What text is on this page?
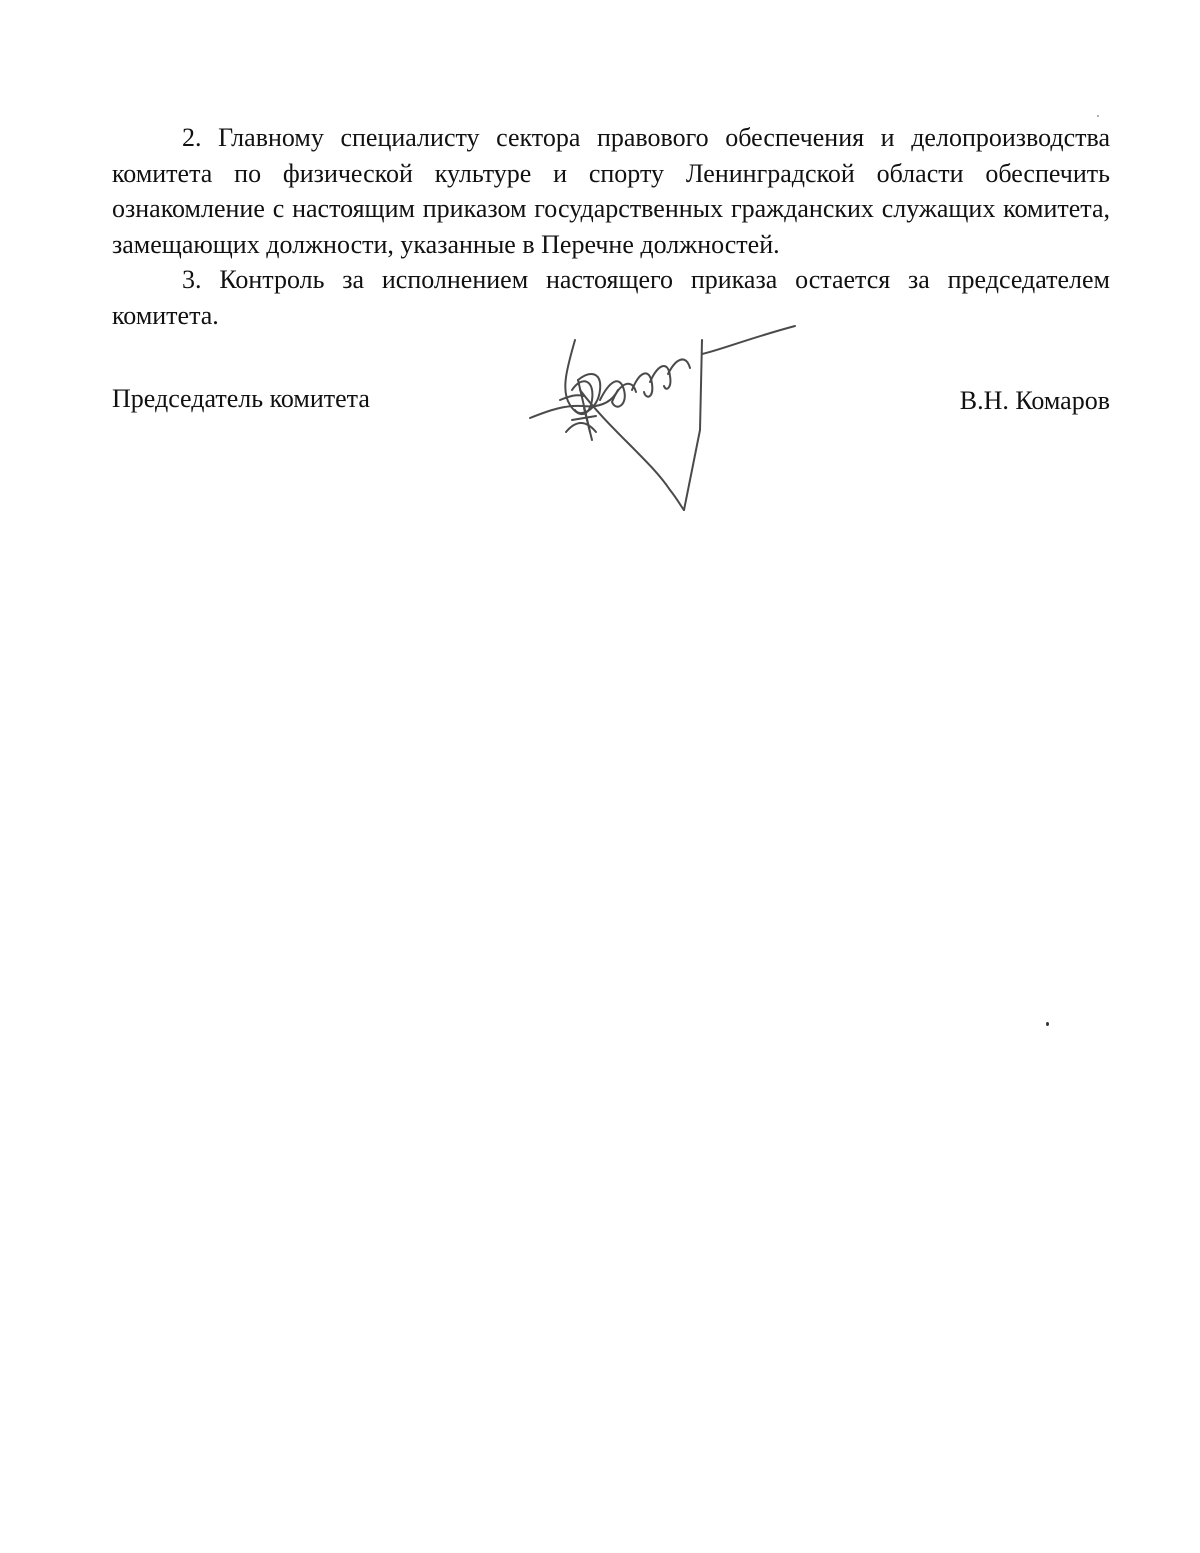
2. Главному специалисту сектора правового обеспечения и делопроизводства комитета по физической культуре и спорту Ленинградской области обеспечить ознакомление с настоящим приказом государственных гражданских служащих комитета, замещающих должности, указанные в Перечне должностей.

3. Контроль за исполнением настоящего приказа остается за председателем комитета.

Председатель комитета	В.Н. Комаров
